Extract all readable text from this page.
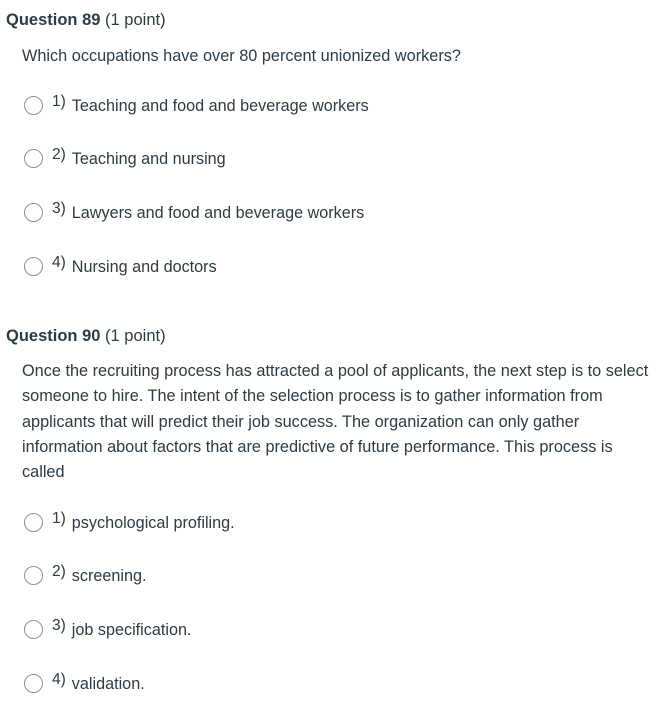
Question 89 (1 point)
Which occupations have over 80 percent unionized workers?
1) Teaching and food and beverage workers
2) Teaching and nursing
3) Lawyers and food and beverage workers
4) Nursing and doctors
Question 90 (1 point)
Once the recruiting process has attracted a pool of applicants, the next step is to select someone to hire. The intent of the selection process is to gather information from applicants that will predict their job success. The organization can only gather information about factors that are predictive of future performance. This process is called
1) psychological profiling.
2) screening.
3) job specification.
4) validation.
